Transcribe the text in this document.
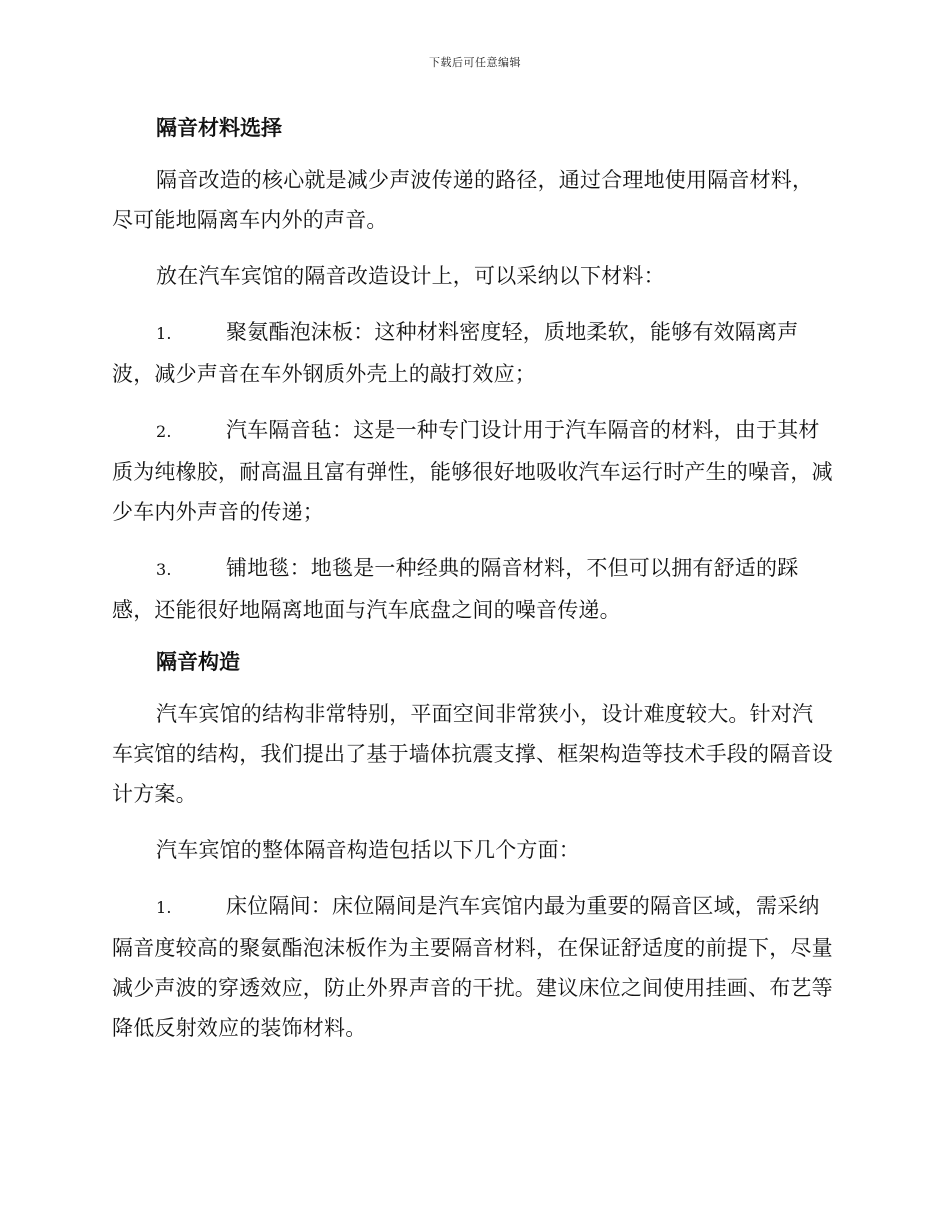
下载后可任意编辑
隔音材料选择

隔音改造的核心就是减少声波传递的路径，通过合理地使用隔音材料，尽可能地隔离车内外的声音。

放在汽车宾馆的隔音改造设计上，可以采纳以下材料：

1.	聚氨酯泡沫板：这种材料密度轻，质地柔软，能够有效隔离声波，减少声音在车外钢质外壳上的敲打效应；

2.	汽车隔音毡：这是一种专门设计用于汽车隔音的材料，由于其材质为纯橡胶，耐高温且富有弹性，能够很好地吸收汽车运行时产生的噪音，减少车内外声音的传递；

3.	铺地毯：地毯是一种经典的隔音材料，不但可以拥有舒适的踩感，还能很好地隔离地面与汽车底盘之间的噪音传递。

隔音构造

汽车宾馆的结构非常特别，平面空间非常狭小，设计难度较大。针对汽车宾馆的结构，我们提出了基于墙体抗震支撑、框架构造等技术手段的隔音设计方案。

汽车宾馆的整体隔音构造包括以下几个方面：

1.	床位隔间：床位隔间是汽车宾馆内最为重要的隔音区域，需采纳隔音度较高的聚氨酯泡沫板作为主要隔音材料，在保证舒适度的前提下，尽量减少声波的穿透效应，防止外界声音的干扰。建议床位之间使用挂画、布艺等降低反射效应的装饰材料。
